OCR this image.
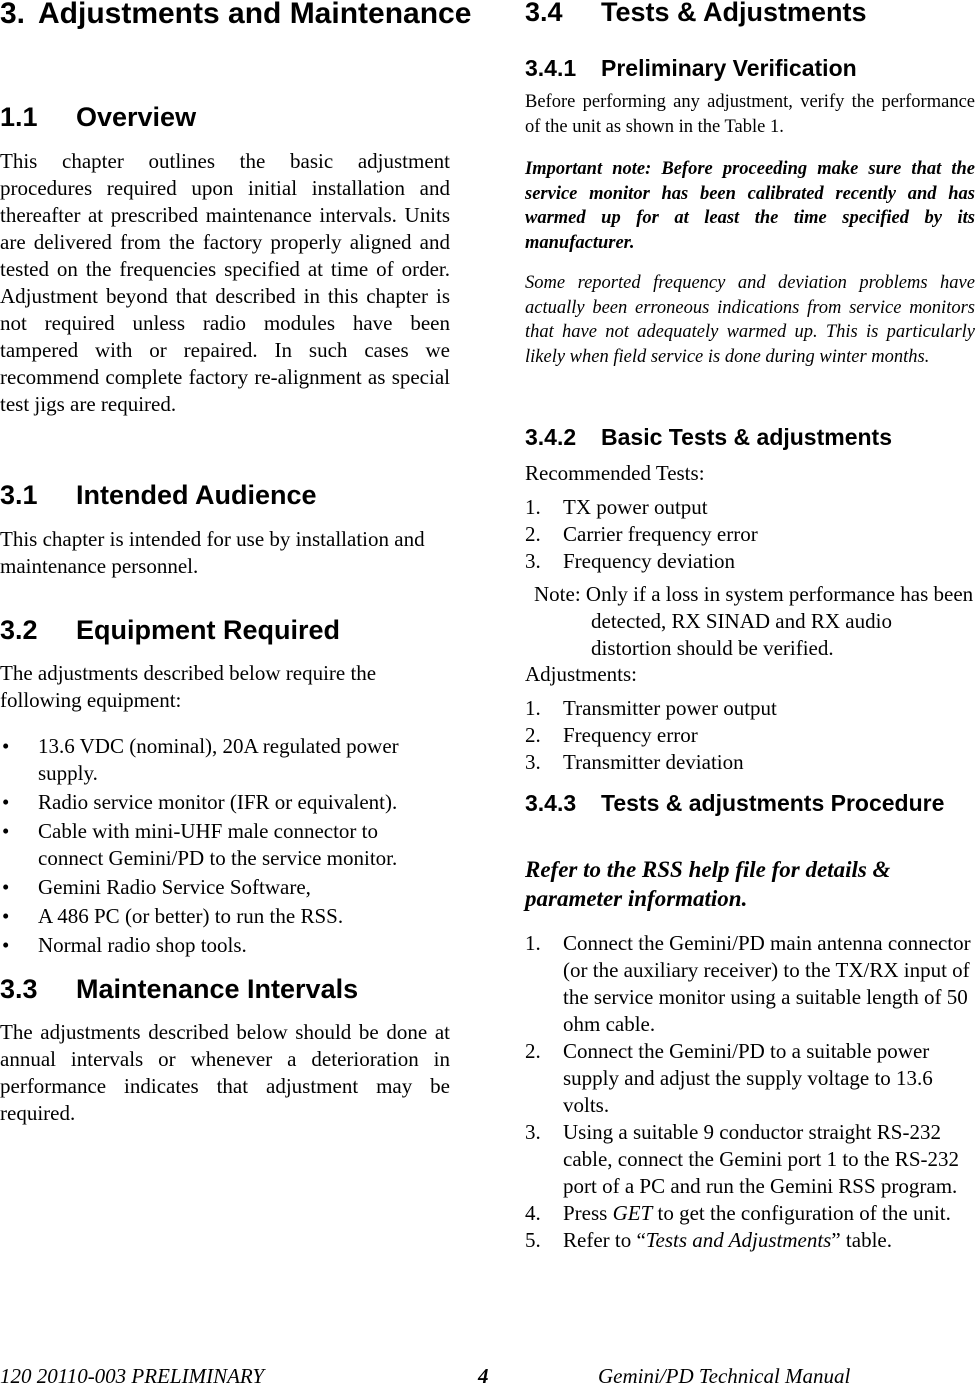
3. Adjustments and Maintenance
1.1 Overview

This chapter outlines the basic adjustment procedures required upon initial installation and thereafter at prescribed maintenance intervals. Units are delivered from the factory properly aligned and tested on the frequencies specified at time of order. Adjustment beyond that described in this chapter is not required unless radio modules have been tampered with or repaired. In such cases we recommend complete factory re-alignment as special test jigs are required.

3.1 Intended Audience

This chapter is intended for use by installation and maintenance personnel.

3.2 Equipment Required

The adjustments described below require the following equipment:

• 13.6 VDC (nominal), 20A regulated power supply.
• Radio service monitor (IFR or equivalent).
• Cable with mini-UHF male connector to connect Gemini/PD to the service monitor.
• Gemini Radio Service Software,
• A 486 PC (or better) to run the RSS.
• Normal radio shop tools.
3.3 Maintenance Intervals

The adjustments described below should be done at annual intervals or whenever a deterioration in performance indicates that adjustment may be required.

3.4 Tests & Adjustments
3.4.1 Preliminary Verification

Before performing any adjustment, verify the performance of the unit as shown in the Table 1.

Important note: Before proceeding make sure that the service monitor has been calibrated recently and has warmed up for at least the time specified by its manufacturer.

Some reported frequency and deviation problems have actually been erroneous indications from service monitors that have not adequately warmed up. This is particularly likely when field service is done during winter months.

3.4.2 Basic Tests & adjustments

Recommended Tests:

1. TX power output
2. Carrier frequency error
3. Frequency deviation

Note: Only if a loss in system performance has been detected, RX SINAD and RX audio distortion should be verified.

Adjustments:

1. Transmitter power output
2. Frequency error
3. Transmitter deviation
3.4.3 Tests & adjustments Procedure

Refer to the RSS help file for details & parameter information.

1. Connect the Gemini/PD main antenna connector (or the auxiliary receiver) to the TX/RX input of the service monitor using a suitable length of 50 ohm cable.
2. Connect the Gemini/PD to a suitable power supply and adjust the supply voltage to 13.6 volts.
3. Using a suitable 9 conductor straight RS-232 cable, connect the Gemini port 1 to the RS-232 port of a PC and run the Gemini RSS program.
4. Press GET to get the configuration of the unit.
5. Refer to “Tests and Adjustments” table.
120 20110-003 PRELIMINARY	4	Gemini/PD Technical Manual
